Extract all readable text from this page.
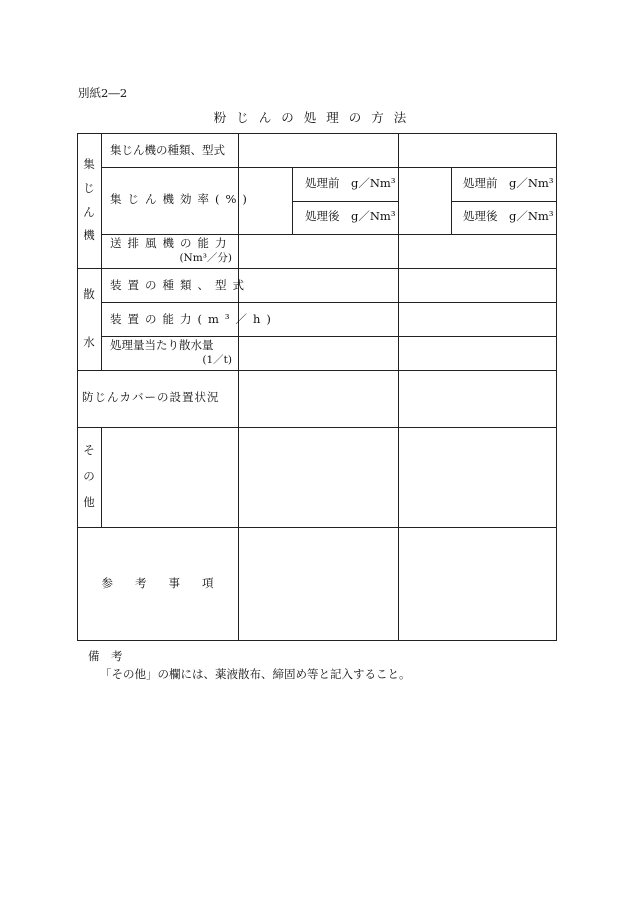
別紙2―2
粉じんの処理の方法
集
じ
ん
機
散
水
そ
の
他
集じん機の種類、型式
集じん機効率(%)
送排風機の能力
(Nm³／分)
装置の種類、型式
装置の能力(m³／h)
処理量当たり散水量
(1／t)
防じんカバーの設置状況
参考事項
処理前　g／Nm³
処理後　g／Nm³
処理前　g／Nm³
処理後　g／Nm³
備　考
「その他」の欄には、薬液散布、締固め等と記入すること。
